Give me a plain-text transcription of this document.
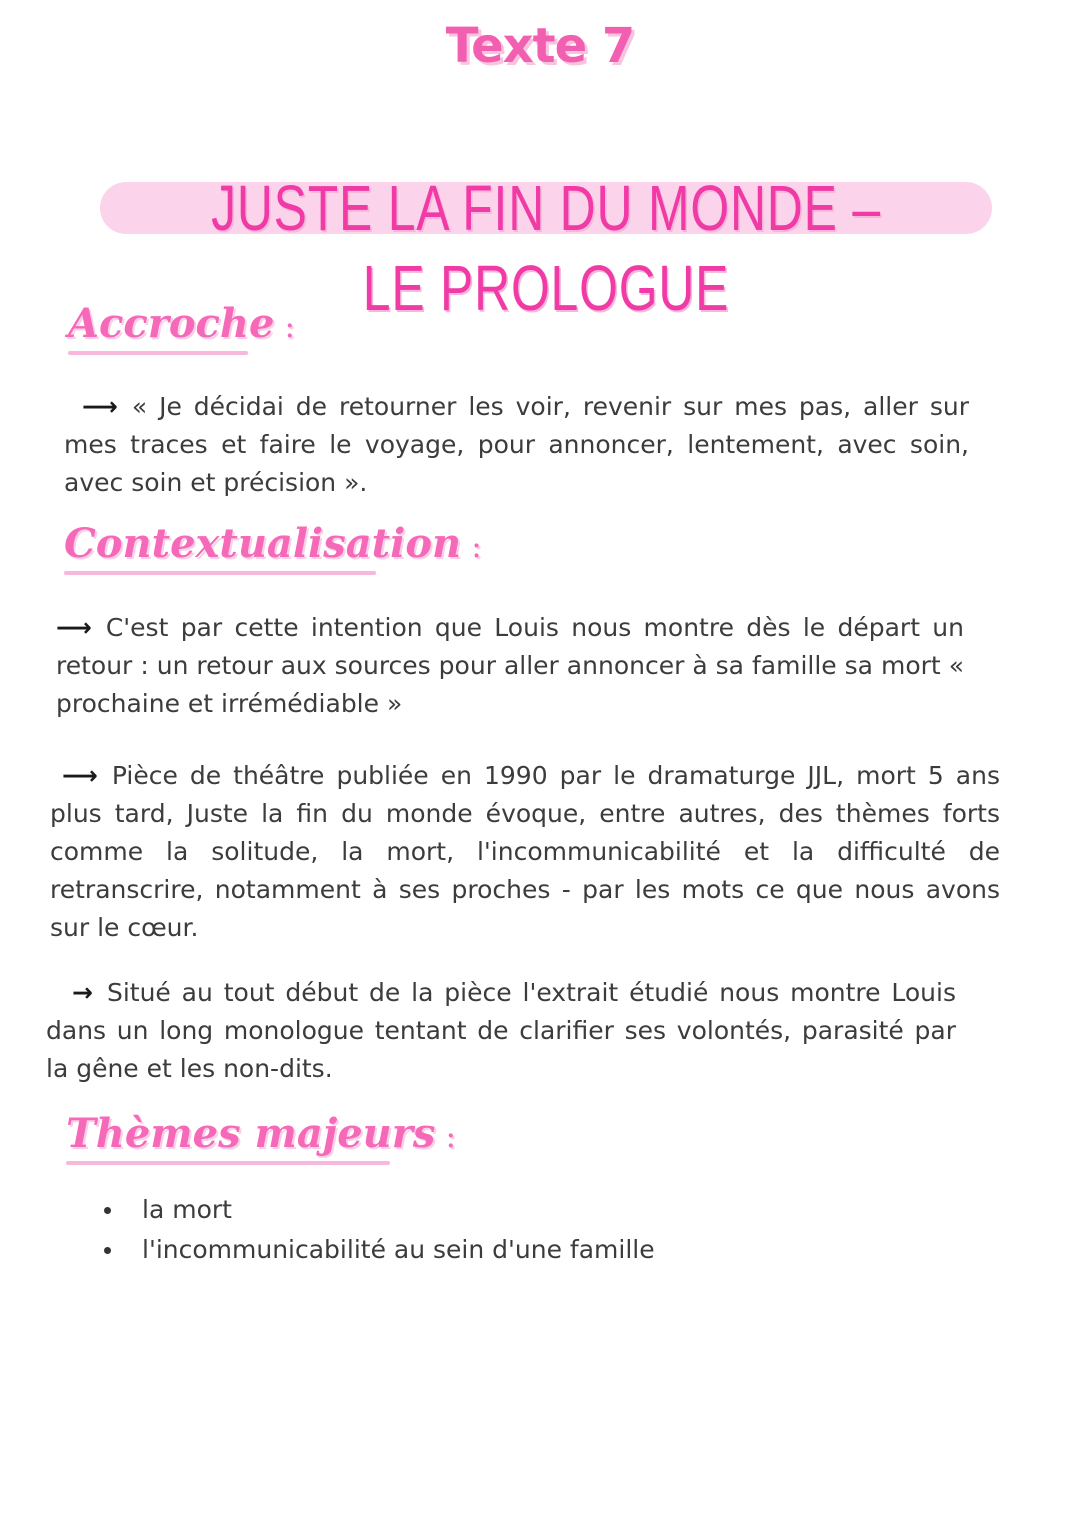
Texte 7
JUSTE LA FIN DU MONDE – LE PROLOGUE
Accroche :

⟶ « Je décidai de retourner les voir, revenir sur mes pas, aller sur mes traces et faire le voyage, pour annoncer, lentement, avec soin, avec soin et précision ».

Contextualisation :

⟶ C'est par cette intention que Louis nous montre dès le départ un retour : un retour aux sources pour aller annoncer à sa famille sa mort « prochaine et irrémédiable »

⟶ Pièce de théâtre publiée en 1990 par le dramaturge JJL, mort 5 ans plus tard, Juste la fin du monde évoque, entre autres, des thèmes forts comme la solitude, la mort, l'incommunicabilité et la difficulté de retranscrire, notamment à ses proches - par les mots ce que nous avons sur le cœur.

→ Situé au tout début de la pièce l'extrait étudié nous montre Louis dans un long monologue tentant de clarifier ses volontés, parasité par la gêne et les non-dits.

Thèmes majeurs :
la mort
l'incommunicabilité au sein d'une famille
